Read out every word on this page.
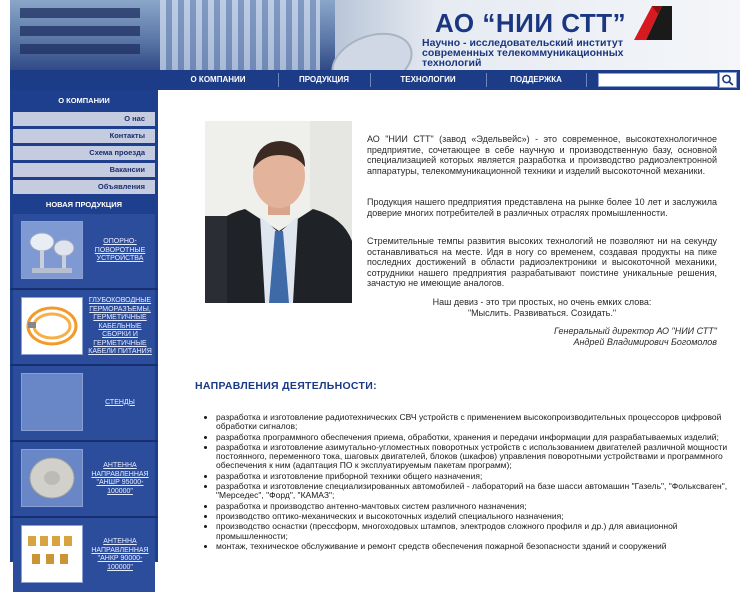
АО “НИИ СТТ”
Научно - исследовательский институт современных телекоммуникационных технологий
О КОМПАНИИ	ПРОДУКЦИЯ	ТЕХНОЛОГИИ	ПОДДЕРЖКА
О КОМПАНИИ
О нас
Контакты
Схема проезда
Вакансии
Объявления
НОВАЯ ПРОДУКЦИЯ
ОПОРНО-ПОВОРОТНЫЕ УСТРОЙСТВА
ГЛУБОКОВОДНЫЕ ГЕРМОРАЗЪЕМЫ, ГЕРМЕТИЧНЫЕ КАБЕЛЬНЫЕ СБОРКИ И ГЕРМЕТИЧНЫЕ КАБЕЛИ ПИТАНИЯ
СТЕНДЫ
АНТЕННА НАПРАВЛЕННАЯ "АНШР 95000-100000"
АНТЕННА НАПРАВЛЕННАЯ "АНКР 90000-100000"

АО "НИИ СТТ" (завод «Эдельвейс») - это современное, высокотехнологичное предприятие, сочетающее в себе научную и производственную базу, основной специализацией которых является разработка и производство радиоэлектронной аппаратуры, телекоммуникационной техники и изделий высокоточной механики.

Продукция нашего предприятия представлена на рынке более 10 лет и заслужила доверие многих потребителей в различных отраслях промышленности.

Стремительные темпы развития высоких технологий не позволяют ни на секунду останавливаться на месте. Идя в ногу со временем, создавая продукты на пике последних достижений в области радиоэлектроники и высокоточной механики, сотрудники нашего предприятия разрабатывают поистине уникальные решения, зачастую не имеющие аналогов.

Наш девиз - это три простых, но очень емких слова:

"Мыслить. Развиваться. Созидать."

Генеральный директор АО "НИИ СТТ"

Андрей Владимирович Богомолов

НАПРАВЛЕНИЯ ДЕЯТЕЛЬНОСТИ:
• разработка и изготовление радиотехнических СВЧ устройств с применением высокопроизводительных процессоров цифровой обработки сигналов;
• разработка программного обеспечения приема, обработки, хранения и передачи информации для разрабатываемых изделий;
• разработка и изготовление азимутально-угломестных поворотных устройств с использованием двигателей различной мощности постоянного, переменного тока, шаговых двигателей, блоков (шкафов) управления поворотными устройствами и программного обеспечения к ним (адаптация ПО к эксплуатируемым пакетам программ);
• разработка и изготовление приборной техники общего назначения;
• разработка и изготовление специализированных автомобилей - лабораторий на базе шасси автомашин "Газель", "Фольксваген", "Мерседес", "Форд", "КАМАЗ";
• разработка и производство антенно-мачтовых систем различного назначения;
• производство оптико-механических и высокоточных изделий специального назначения;
• производство оснастки (прессформ, многоходовых штампов, электродов сложного профиля и др.) для авиационной промышленности;
• монтаж, техническое обслуживание и ремонт средств обеспечения пожарной безопасности зданий и сооружений
